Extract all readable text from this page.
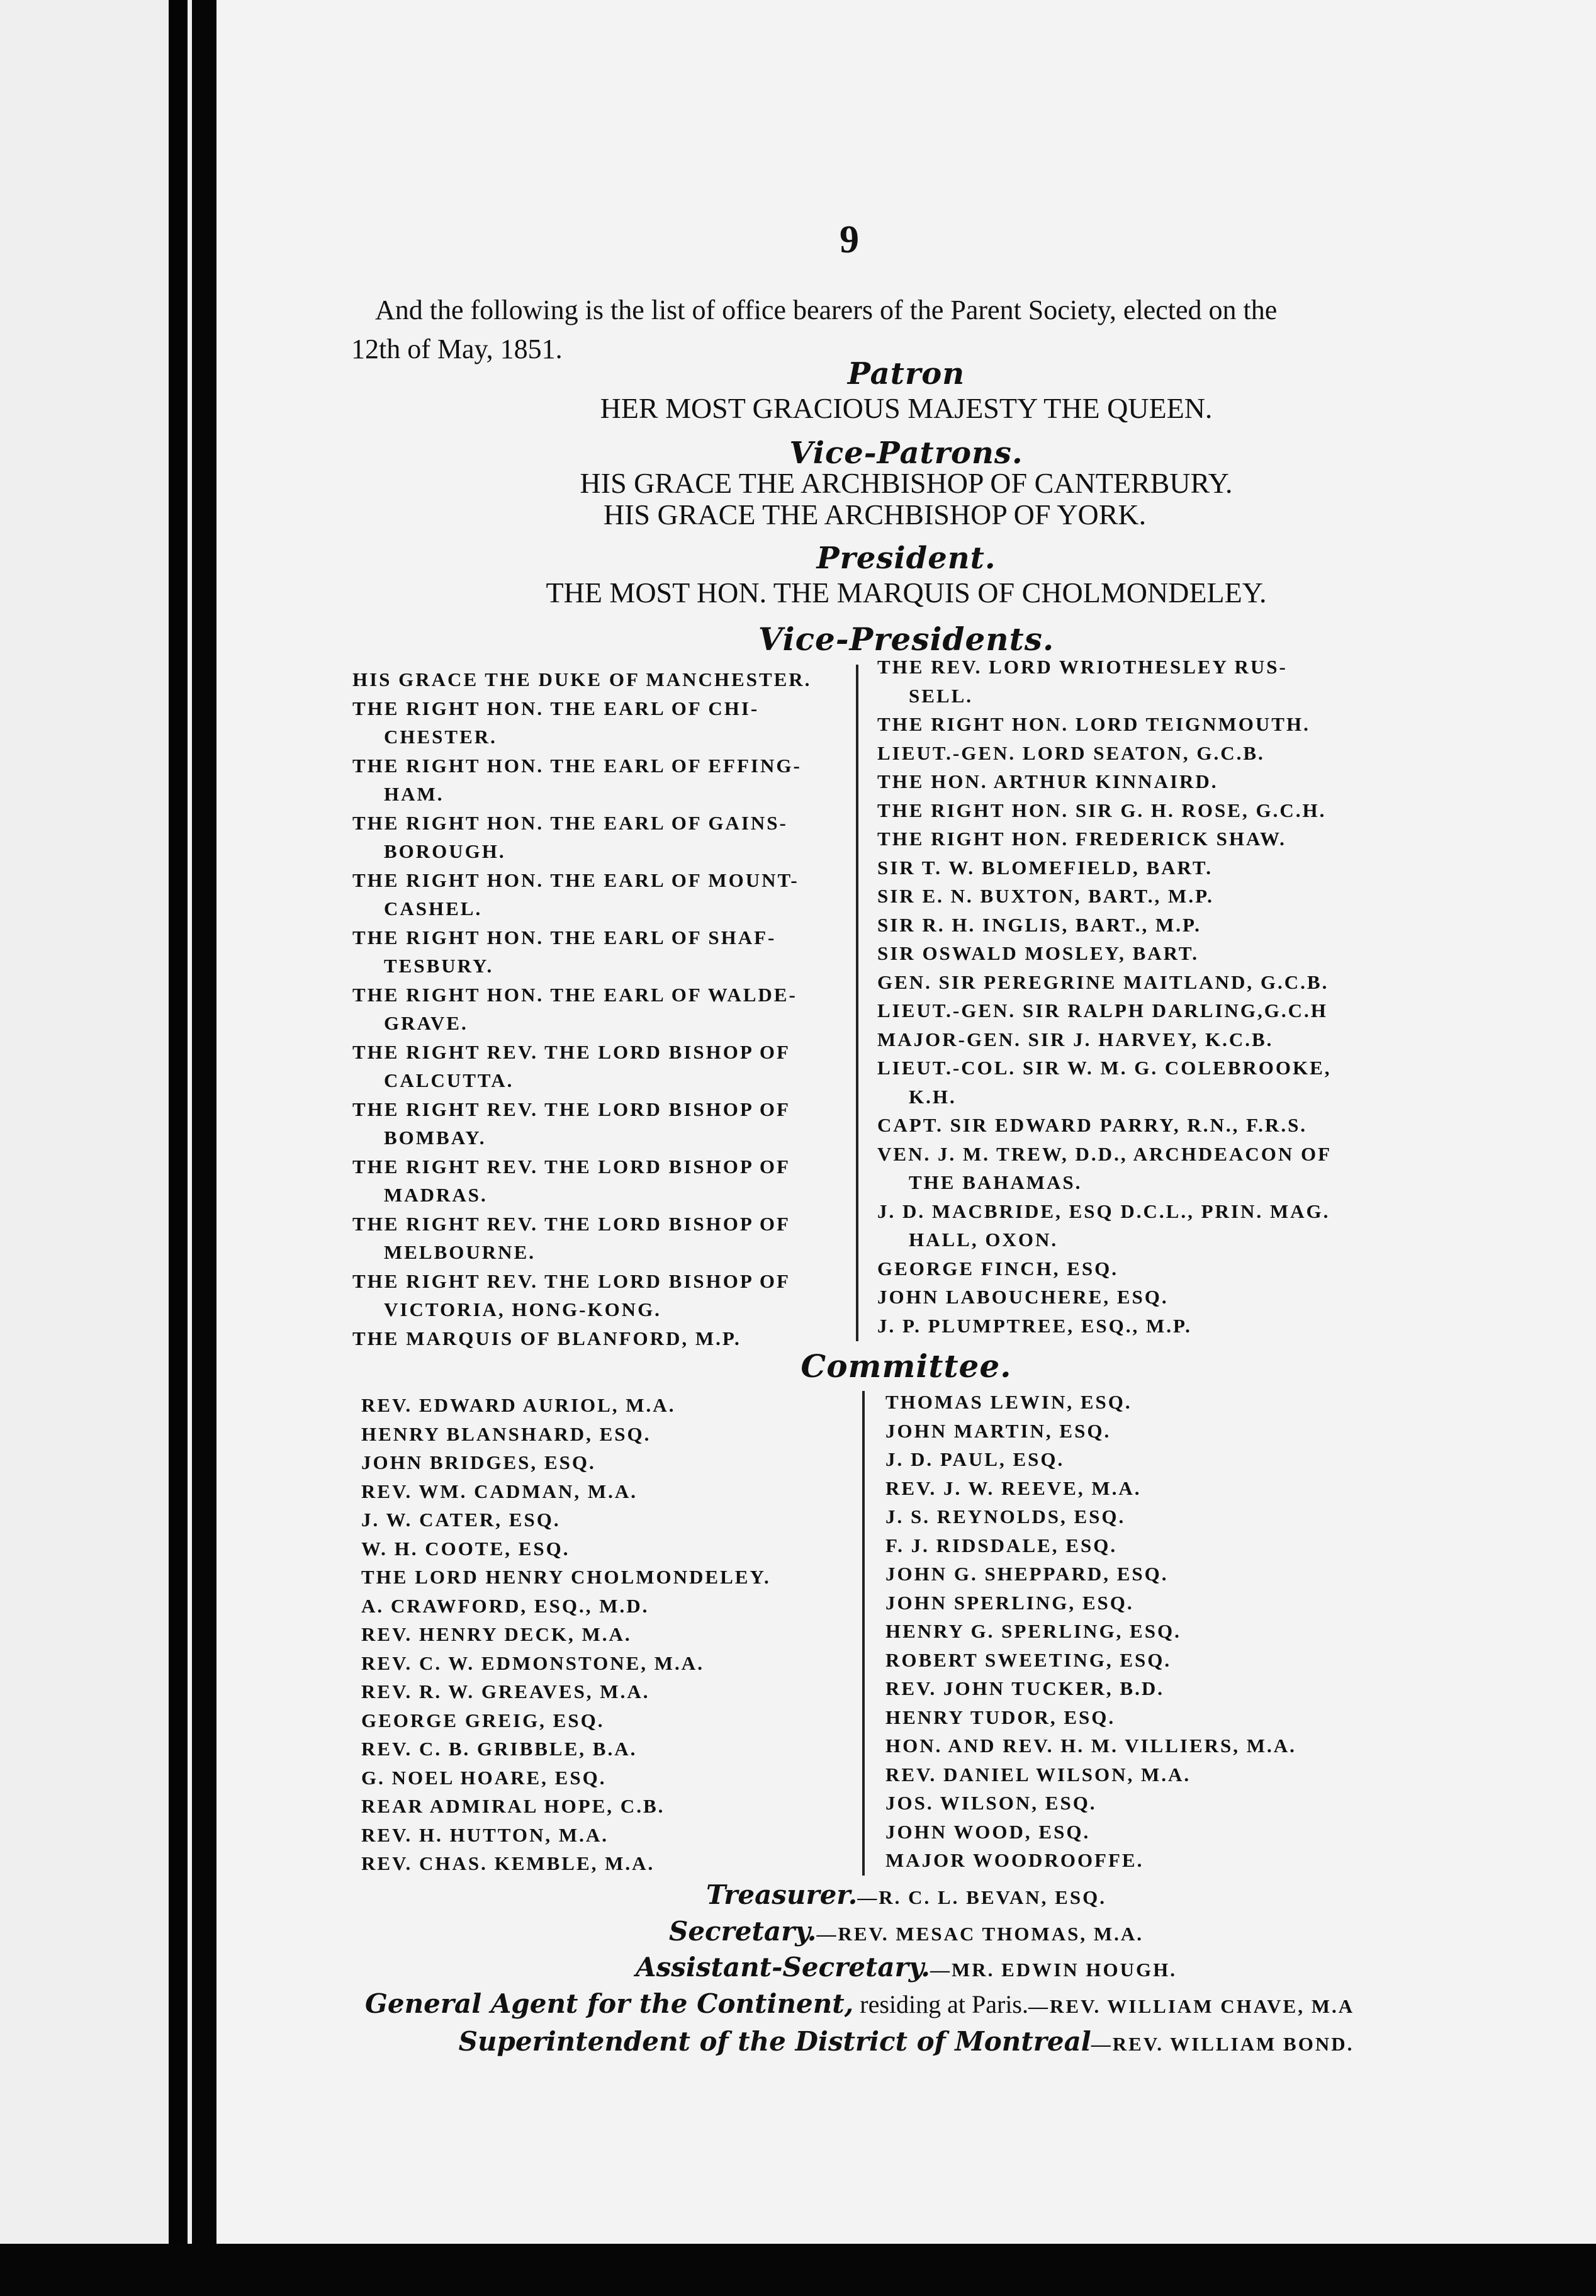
9
And the following is the list of office bearers of the Parent Society, elected on the
12th of May, 1851.
Patron
HER MOST GRACIOUS MAJESTY THE QUEEN.
Vice-Patrons.
HIS GRACE THE ARCHBISHOP OF CANTERBURY.
HIS GRACE THE ARCHBISHOP OF YORK.
President.
THE MOST HON. THE MARQUIS OF CHOLMONDELEY.
Vice-Presidents.
HIS GRACE THE DUKE OF MANCHESTER.
THE RIGHT HON. THE EARL OF CHI-
CHESTER.
THE RIGHT HON. THE EARL OF EFFING-
HAM.
THE RIGHT HON. THE EARL OF GAINS-
BOROUGH.
THE RIGHT HON. THE EARL OF MOUNT-
CASHEL.
THE RIGHT HON. THE EARL OF SHAF-
TESBURY.
THE RIGHT HON. THE EARL OF WALDE-
GRAVE.
THE RIGHT REV. THE LORD BISHOP OF
CALCUTTA.
THE RIGHT REV. THE LORD BISHOP OF
BOMBAY.
THE RIGHT REV. THE LORD BISHOP OF
MADRAS.
THE RIGHT REV. THE LORD BISHOP OF
MELBOURNE.
THE RIGHT REV. THE LORD BISHOP OF
VICTORIA, HONG-KONG.
THE MARQUIS OF BLANFORD, M.P.
THE REV. LORD WRIOTHESLEY RUS-
SELL.
THE RIGHT HON. LORD TEIGNMOUTH.
LIEUT.-GEN. LORD SEATON, G.C.B.
THE HON. ARTHUR KINNAIRD.
THE RIGHT HON. SIR G. H. ROSE, G.C.H.
THE RIGHT HON. FREDERICK SHAW.
SIR T. W. BLOMEFIELD, BART.
SIR E. N. BUXTON, BART., M.P.
SIR R. H. INGLIS, BART., M.P.
SIR OSWALD MOSLEY, BART.
GEN. SIR PEREGRINE MAITLAND, G.C.B.
LIEUT.-GEN. SIR RALPH DARLING,G.C.H
MAJOR-GEN. SIR J. HARVEY, K.C.B.
LIEUT.-COL. SIR W. M. G. COLEBROOKE,
K.H.
CAPT. SIR EDWARD PARRY, R.N., F.R.S.
VEN. J. M. TREW, D.D., ARCHDEACON OF
THE BAHAMAS.
J. D. MACBRIDE, ESQ D.C.L., PRIN. MAG.
HALL, OXON.
GEORGE FINCH, ESQ.
JOHN LABOUCHERE, ESQ.
J. P. PLUMPTREE, ESQ., M.P.
Committee.
REV. EDWARD AURIOL, M.A.
HENRY BLANSHARD, ESQ.
JOHN BRIDGES, ESQ.
REV. WM. CADMAN, M.A.
J. W. CATER, ESQ.
W. H. COOTE, ESQ.
THE LORD HENRY CHOLMONDELEY.
A. CRAWFORD, ESQ., M.D.
REV. HENRY DECK, M.A.
REV. C. W. EDMONSTONE, M.A.
REV. R. W. GREAVES, M.A.
GEORGE GREIG, ESQ.
REV. C. B. GRIBBLE, B.A.
G. NOEL HOARE, ESQ.
REAR ADMIRAL HOPE, C.B.
REV. H. HUTTON, M.A.
REV. CHAS. KEMBLE, M.A.
THOMAS LEWIN, ESQ.
JOHN MARTIN, ESQ.
J. D. PAUL, ESQ.
REV. J. W. REEVE, M.A.
J. S. REYNOLDS, ESQ.
F. J. RIDSDALE, ESQ.
JOHN G. SHEPPARD, ESQ.
JOHN SPERLING, ESQ.
HENRY G. SPERLING, ESQ.
ROBERT SWEETING, ESQ.
REV. JOHN TUCKER, B.D.
HENRY TUDOR, ESQ.
HON. AND REV. H. M. VILLIERS, M.A.
REV. DANIEL WILSON, M.A.
JOS. WILSON, ESQ.
JOHN WOOD, ESQ.
MAJOR WOODROOFFE.
Treasurer.—R. C. L. BEVAN, ESQ.
Secretary.—REV. MESAC THOMAS, M.A.
Assistant-Secretary.—MR. EDWIN HOUGH.
General Agent for the Continent, residing at Paris.—REV. WILLIAM CHAVE, M.A
Superintendent of the District of Montreal—REV. WILLIAM BOND.
